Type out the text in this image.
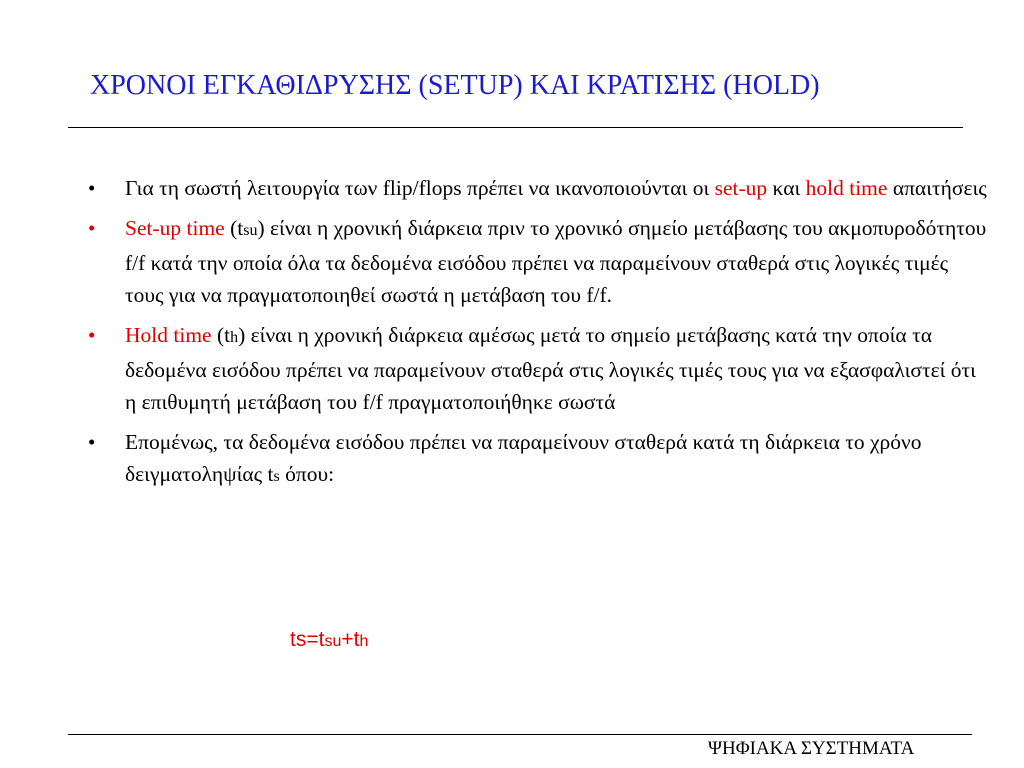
ΧΡΟΝΟΙ ΕΓΚΑΘΙΔΡΥΣΗΣ (SETUP) ΚΑΙ ΚΡΑΤΙΣΗΣ (HOLD)
• Για τη σωστή λειτουργία των flip/flops πρέπει να ικανοποιούνται οι set-up και hold time απαιτήσεις
• Set-up time (tsu) είναι η χρονική διάρκεια πριν το χρονικό σημείο μετάβασης του ακμοπυροδότητου f/f κατά την οποία όλα τα δεδομένα εισόδου πρέπει να παραμείνουν σταθερά στις λογικές τιμές τους για να πραγματοποιηθεί σωστά η μετάβαση του f/f.
• Hold time (th) είναι η χρονική διάρκεια αμέσως μετά το σημείο μετάβασης κατά την οποία τα δεδομένα εισόδου πρέπει να παραμείνουν σταθερά στις λογικές τιμές τους για να εξασφαλιστεί ότι η επιθυμητή μετάβαση του f/f πραγματοποιήθηκε σωστά
• Επομένως, τα δεδομένα εισόδου πρέπει να παραμείνουν σταθερά κατά τη διάρκεια το χρόνο δειγματοληψίας ts όπου:
ts=tsu+th
ΨΗΦΙΑΚΑ ΣΥΣΤΗΜΑΤΑ
